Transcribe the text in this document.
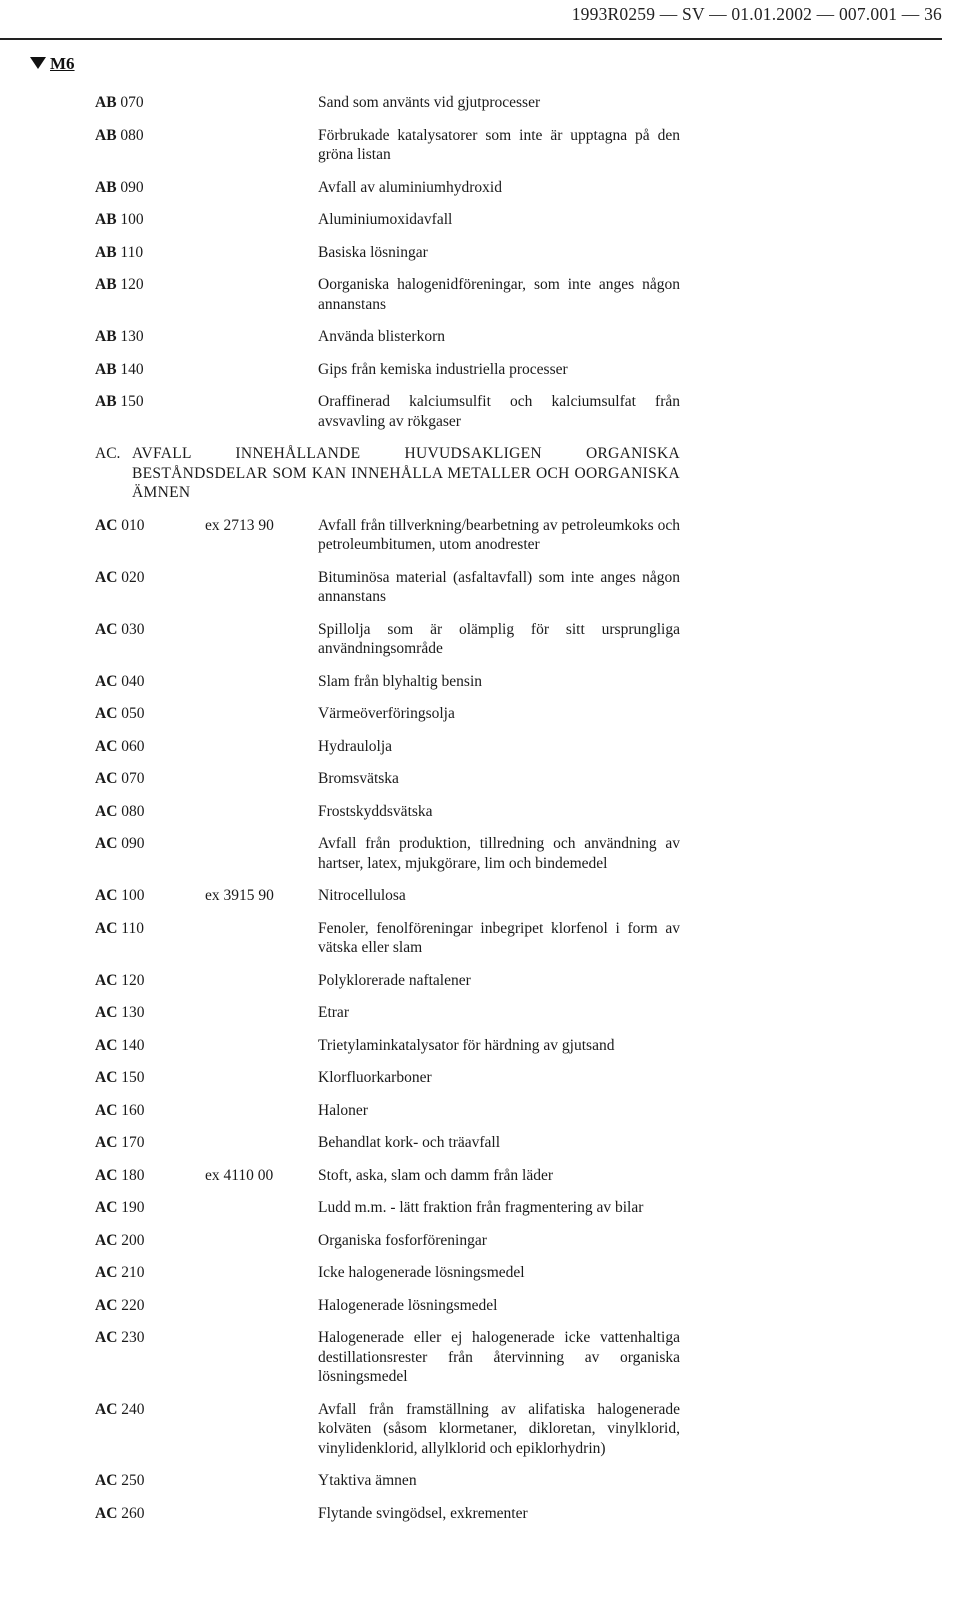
1993R0259 — SV — 01.01.2002 — 007.001 — 36
M6
AB 070	Sand som använts vid gjutprocesser
AB 080	Förbrukade katalysatorer som inte är upptagna på den gröna listan
AB 090	Avfall av aluminiumhydroxid
AB 100	Aluminiumoxidavfall
AB 110	Basiska lösningar
AB 120	Oorganiska halogenidföreningar, som inte anges någon annanstans
AB 130	Använda blisterkorn
AB 140	Gips från kemiska industriella processer
AB 150	Oraffinerad kalciumsulfit och kalciumsulfat från avsvavling av rökgaser
AC. AVFALL INNEHÅLLANDE HUVUDSAKLIGEN ORGANISKA BESTÅNDSDELAR SOM KAN INNEHÅLLA METALLER OCH OORGANISKA ÄMNEN
AC 010	ex 2713 90	Avfall från tillverkning/bearbetning av petroleumkoks och petroleumbitumen, utom anodrester
AC 020	Bituminösa material (asfaltavfall) som inte anges någon annanstans
AC 030	Spillolja som är olämplig för sitt ursprungliga användningsområde
AC 040	Slam från blyhaltig bensin
AC 050	Värmeöverföringsolja
AC 060	Hydraulolja
AC 070	Bromsvätska
AC 080	Frostskyddsvätska
AC 090	Avfall från produktion, tillredning och användning av hartser, latex, mjukgörare, lim och bindemedel
AC 100	ex 3915 90	Nitrocellulosa
AC 110	Fenoler, fenolföreningar inbegripet klorfenol i form av vätska eller slam
AC 120	Polyklorerade naftalener
AC 130	Etrar
AC 140	Trietylaminkatalysator för härdning av gjutsand
AC 150	Klorfluorkarboner
AC 160	Haloner
AC 170	Behandlat kork- och träavfall
AC 180	ex 4110 00	Stoft, aska, slam och damm från läder
AC 190	Ludd m.m. - lätt fraktion från fragmentering av bilar
AC 200	Organiska fosforföreningar
AC 210	Icke halogenerade lösningsmedel
AC 220	Halogenerade lösningsmedel
AC 230	Halogenerade eller ej halogenerade icke vattenhaltiga destillationsrester från återvinning av organiska lösningsmedel
AC 240	Avfall från framställning av alifatiska halogenerade kolväten (såsom klormetaner, dikloretan, vinylklorid, vinylidenklorid, allylklorid och epiklorhydrin)
AC 250	Ytaktiva ämnen
AC 260	Flytande svingödsel, exkrementer
